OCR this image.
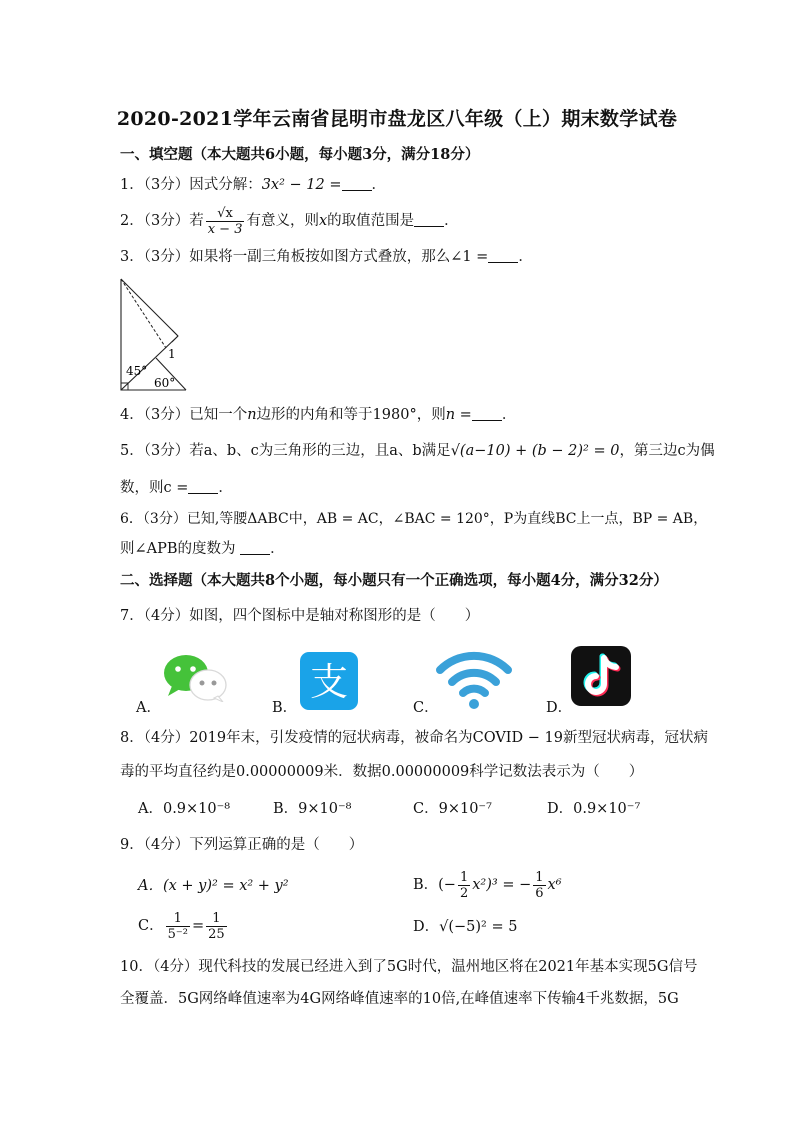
2020-2021学年云南省昆明市盘龙区八年级（上）期末数学试卷
一、填空题（本大题共6小题，每小题3分，满分18分）
1．（3分）因式分解：3x² − 12 = ．
2．（3分）若 $\frac{√x}{x - 3}$ 有意义，则x的取值范围是 ．
3．（3分）如果将一副三角板按如图方式叠放，那么∠1 = ．
45°
60°
1
4．（3分）已知一个n边形的内角和等于1980°，则n = ．
5．（3分）若a、b、c为三角形的三边，且a、b满足√(a−10) + (b − 2)² = 0，第三边c为偶
数，则c = ．
6．（3分）已知,等腰ΔABC中，AB = AC，∠BAC = 120°，P为直线BC上一点，BP = AB，
则∠APB的度数为 ．
二、选择题（本大题共8个小题，每小题只有一个正确选项，每小题4分，满分32分）
7．（4分）如图，四个图标中是轴对称图形的是（　　）
A．	B．
支
C．	D．
8．（4分）2019年末，引发疫情的冠状病毒，被命名为COVID − 19新型冠状病毒，冠状病
毒的平均直径约是0.00000009米．数据0.00000009科学记数法表示为（　　）
A．0.9×10⁻⁸	B．9×10⁻⁸	C．9×10⁻⁷	D．0.9×10⁻⁷
9．（4分）下列运算正确的是（　　）
A．(x + y)² = x² + y²	B．(− $\frac{1}{2} x^2)^3$ = − $\frac{1}{6} x^6$
C． $\frac{1}{\text{5⁻²}} = \frac{1}{25}$	D．√(−5)² = 5
10．（4分）现代科技的发展已经进入到了5G时代，温州地区将在2021年基本实现5G信号
全覆盖．5G网络峰值速率为4G网络峰值速率的10倍,在峰值速率下传输4千兆数据，5G
